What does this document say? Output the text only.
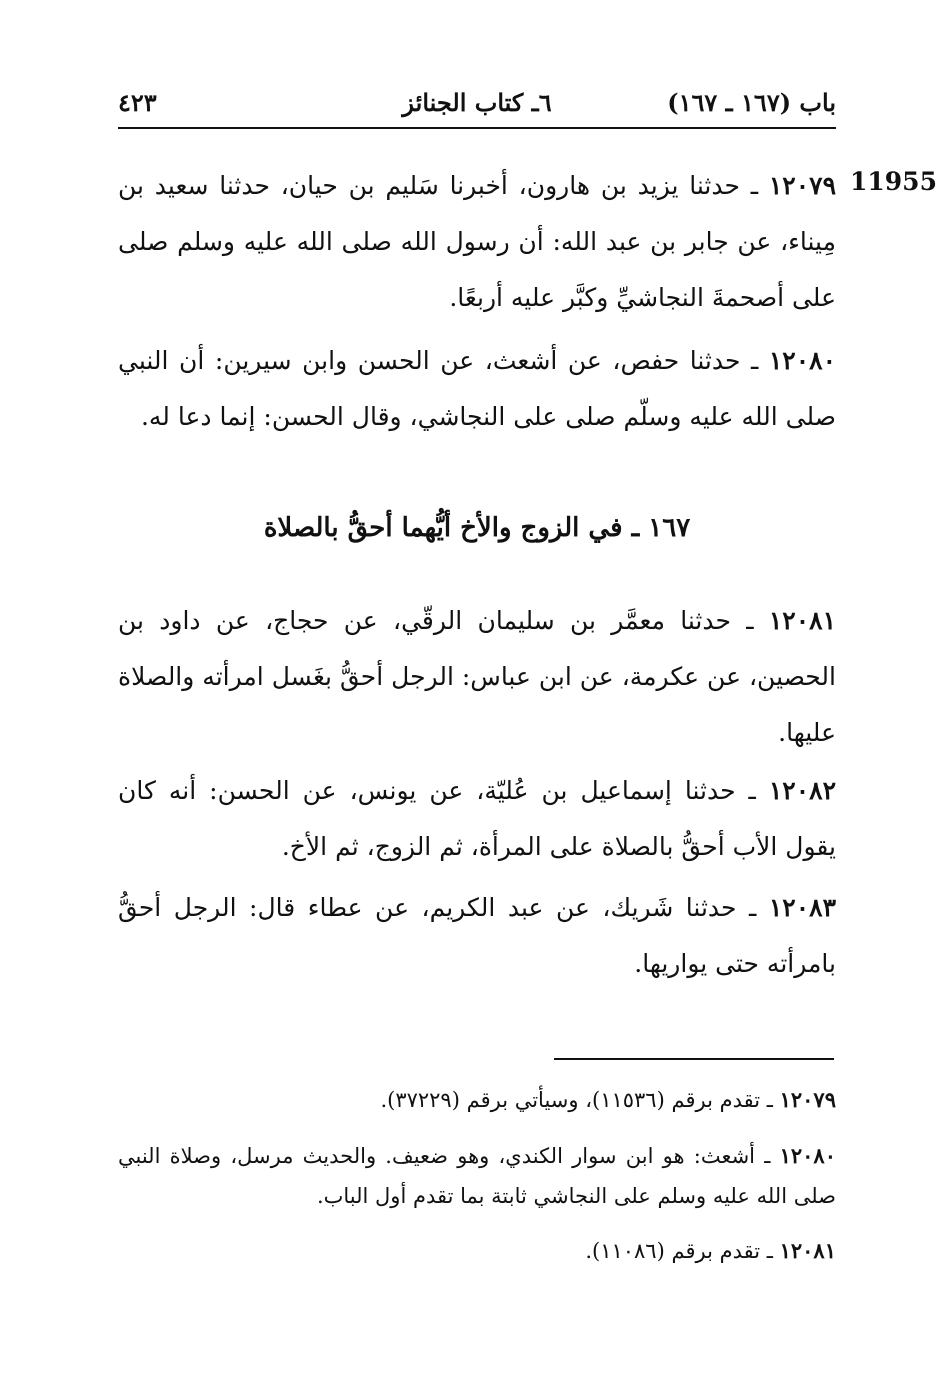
باب (١٦٧ ـ ١٦٧)
٦ـ كتاب الجنائز
٤٢٣
11955

١٢٠٧٩ ـ حدثنا يزيد بن هارون، أخبرنا سَليم بن حيان، حدثنا سعيد بن مِيناء، عن جابر بن عبد الله: أن رسول الله صلى الله عليه وسلم صلى على أصحمةَ النجاشيِّ وكبَّر عليه أربعًا.

١٢٠٨٠ ـ حدثنا حفص، عن أشعث، عن الحسن وابن سيرين: أن النبي صلى الله عليه وسلّم صلى على النجاشي، وقال الحسن: إنما دعا له.

١٦٧ ـ في الزوج والأخ أيُّهما أحقُّ بالصلاة

١٢٠٨١ ـ حدثنا معمَّر بن سليمان الرقّي، عن حجاج، عن داود بن الحصين، عن عكرمة، عن ابن عباس: الرجل أحقُّ بغَسل امرأته والصلاة عليها.

١٢٠٨٢ ـ حدثنا إسماعيل بن عُليّة، عن يونس، عن الحسن: أنه كان يقول الأب أحقُّ بالصلاة على المرأة، ثم الزوج، ثم الأخ.

١٢٠٨٣ ـ حدثنا شَريك، عن عبد الكريم، عن عطاء قال: الرجل أحقُّ بامرأته حتى يواريها.

١٢٠٧٩ ـ تقدم برقم (١١٥٣٦)، وسيأتي برقم (٣٧٢٢٩).

١٢٠٨٠ ـ أشعث: هو ابن سوار الكندي، وهو ضعيف. والحديث مرسل، وصلاة النبي صلى الله عليه وسلم على النجاشي ثابتة بما تقدم أول الباب.

١٢٠٨١ ـ تقدم برقم (١١٠٨٦).
